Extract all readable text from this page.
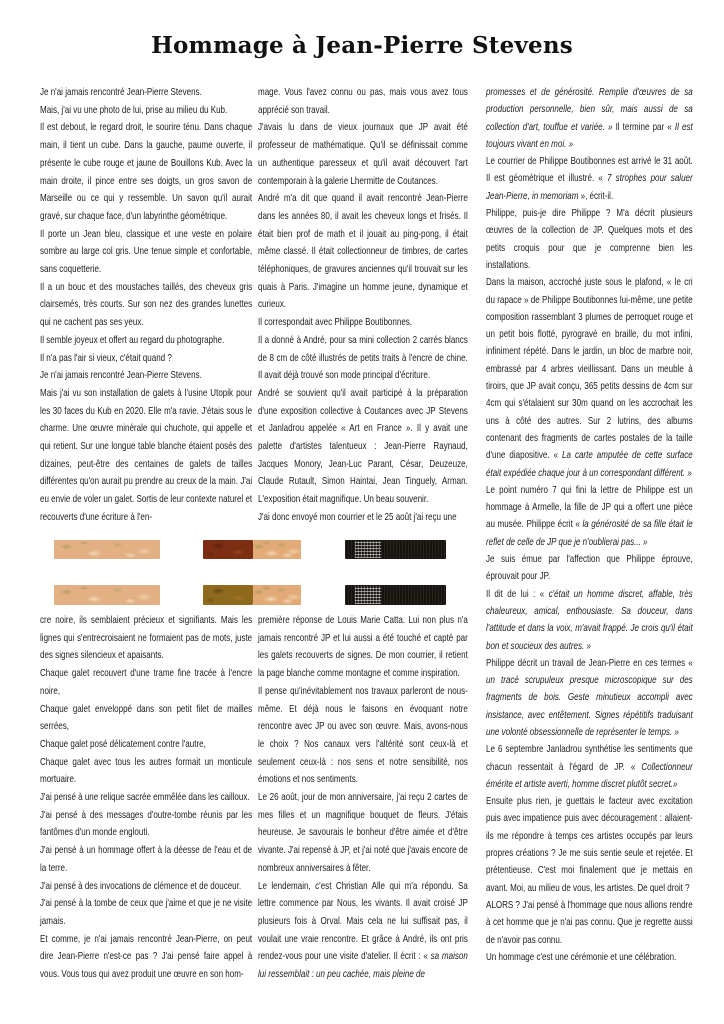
Hommage à Jean-Pierre Stevens

Je n'ai jamais rencontré Jean-Pierre Stevens.

Mais, j'ai vu une photo de lui, prise au milieu du Kub.

Il est debout, le regard droit, le sourire ténu. Dans chaque main, il tient un cube. Dans la gauche, paume ouverte, il présente le cube rouge et jaune de Bouillons Kub. Avec la main droite, il pince entre ses doigts, un gros savon de Marseille ou ce qui y ressemble. Un savon qu'il aurait gravé, sur chaque face, d'un labyrinthe géométrique.

Il porte un Jean bleu, classique et une veste en polaire sombre au large col gris. Une tenue simple et confortable, sans coquetterie.

Il a un bouc et des moustaches taillés, des cheveux gris clairsemés, très courts. Sur son nez des grandes lunettes qui ne cachent pas ses yeux.

Il semble joyeux et offert au regard du photographe.

Il n'a pas l'air si vieux, c'était quand ?

Je n'ai jamais rencontré Jean-Pierre Stevens.

Mais j'ai vu son installation de galets à l'usine Utopik pour les 30 faces du Kub en 2020. Elle m'a ravie. J'étais sous le charme. Une œuvre minérale qui chuchote, qui appelle et qui retient. Sur une longue table blanche étaient posés des dizaines, peut-être des centaines de galets de tailles différentes qu'on aurait pu prendre au creux de la main. J'ai eu envie de voler un galet. Sortis de leur contexte naturel et recouverts d'une écriture à l'en-

mage. Vous l'avez connu ou pas, mais vous avez tous apprécié son travail.

J'avais lu dans de vieux journaux que JP avait été professeur de mathématique. Qu'il se définissait comme un authentique paresseux et qu'il avait découvert l'art contemporain à la galerie Lhermitte de Coutances.

André m'a dit que quand il avait rencontré Jean-Pierre dans les années 80, il avait les cheveux longs et frisés. Il était bien prof de math et il jouait au ping-pong, il était même classé. Il était collectionneur de timbres, de cartes téléphoniques, de gravures anciennes qu'il trouvait sur les quais à Paris. J'imagine un homme jeune, dynamique et curieux.

Il correspondait avec Philippe Boutibonnes.

Il a donné à André, pour sa mini collection 2 carrés blancs de 8 cm de côté illustrés de petits traits à l'encre de chine. Il avait déjà trouvé son mode principal d'écriture.

André se souvient qu'il avait participé à la préparation d'une exposition collective à Coutances avec JP Stevens et Janladrou appelée « Art en France ». Il y avait une palette d'artistes talentueux : Jean-Pierre Raynaud, Jacques Monory, Jean-Luc Parant, César, Deuzeuze, Claude Rutault, Simon Haintai, Jean Tinguely, Arman. L'exposition était magnifique. Un beau souvenir.

J'ai donc envoyé mon courrier et le 25 août j'ai reçu une

promesses et de générosité. Remplie d'œuvres de sa production personnelle, bien sûr, mais aussi de sa collection d'art, touffue et variée. » Il termine par « Il est toujours vivant en moi. »

Le courrier de Philippe Boutibonnes est arrivé le 31 août. Il est géométrique et illustré. « 7 strophes pour saluer Jean-Pierre, in memoriam », écrit-il.

Philippe, puis-je dire Philippe ? M'a décrit plusieurs œuvres de la collection de JP. Quelques mots et des petits croquis pour que je comprenne bien les installations.

Dans la maison, accroché juste sous le plafond, « le cri du rapace » de Philippe Boutibonnes lui-même, une petite composition rassemblant 3 plumes de perroquet rouge et un petit bois flotté, pyrogravé en braille, du mot infini, infiniment répété. Dans le jardin, un bloc de marbre noir, embrassé par 4 arbres vieillissant. Dans un meuble à tiroirs, que JP avait conçu, 365 petits dessins de 4cm sur 4cm qui s'étalaient sur 30m quand on les accrochait les uns à côté des autres. Sur 2 lutrins, des albums contenant des fragments de cartes postales de la taille d'une diapositive. « La carte amputée de cette surface était expédiée chaque jour à un correspondant différent. »

Le point numéro 7 qui fini la lettre de Philippe est un hommage à Armelle, la fille de JP qui a offert une pièce au musée. Philippe écrit « la générosité de sa fille était le reflet de celle de JP que je n'oublierai pas... »

Je suis émue par l'affection que Philippe éprouve, éprouvait pour JP.

Il dit de lui : « c'était un homme discret, affable, très chaleureux, amical, enthousiaste. Sa douceur, dans l'attitude et dans la voix, m'avait frappé. Je crois qu'il était bon et soucieux des autres. »

Philippe décrit un travail de Jean-Pierre en ces termes « un tracé scrupuleux presque microscopique sur des fragments de bois. Geste minutieux accompli avec insistance, avec entêtement. Signes répétitifs traduisant une volonté obsessionnelle de représenter le temps. »

Le 6 septembre Janladrou synthétise les sentiments que chacun ressentait à l'égard de JP. « Collectionneur émérite et artiste averti, homme discret plutôt secret.»

Ensuite plus rien, je guettais le facteur avec excitation puis avec impatience puis avec découragement : allaient-ils me répondre à temps ces artistes occupés par leurs propres créations ? Je me suis sentie seule et rejetée. Et prétentieuse. C'est moi finalement que je mettais en avant. Moi, au milieu de vous, les artistes. De quel droit ?

ALORS ? J'ai pensé à l'hommage que nous allions rendre à cet homme que je n'ai pas connu. Que je regrette aussi de n'avoir pas connu.

Un hommage c'est une cérémonie et une célébration.

cre noire, ils semblaient précieux et signifiants. Mais les lignes qui s'entrecroisaient ne formaient pas de mots, juste des signes silencieux et apaisants.

Chaque galet recouvert d'une trame fine tracée à l'encre noire,

Chaque galet enveloppé dans son petit filet de mailles serrées,

Chaque galet posé délicatement contre l'autre,

Chaque galet avec tous les autres formait un monticule mortuaire.

J'ai pensé à une relique sacrée emmêlée dans les cailloux.

J'ai pensé à des messages d'outre-tombe réunis par les fantômes d'un monde englouti.

J'ai pensé à un hommage offert à la déesse de l'eau et de la terre.

J'ai pensé à des invocations de clémence et de douceur.

J'ai pensé à la tombe de ceux que j'aime et que je ne visite jamais.

Et comme, je n'ai jamais rencontré Jean-Pierre, on peut dire Jean-Pierre n'est-ce pas ? J'ai pensé faire appel à vous. Vous tous qui avez produit une œuvre en son hom-

première réponse de Louis Marie Catta. Lui non plus n'a jamais rencontré JP et lui aussi a été touché et capté par les galets recouverts de signes. De mon courrier, il retient la page blanche comme montagne et comme inspiration.

Il pense qu'inévitablement nos travaux parleront de nous-même. Et déjà nous le faisons en évoquant notre rencontre avec JP ou avec son œuvre. Mais, avons-nous le choix ? Nos canaux vers l'altérité sont ceux-là et seulement ceux-là : nos sens et notre sensibilité, nos émotions et nos sentiments.

Le 26 août, jour de mon anniversaire, j'ai reçu 2 cartes de mes filles et un magnifique bouquet de fleurs. J'étais heureuse. Je savourais le bonheur d'être aimée et d'être vivante. J'ai repensé à JP, et j'ai noté que j'avais encore de nombreux anniversaires à fêter.

Le lendemain, c'est Christian Alle qui m'a répondu. Sa lettre commence par Nous, les vivants. Il avait croisé JP plusieurs fois à Orval. Mais cela ne lui suffisait pas, il voulait une vraie rencontre. Et grâce à André, ils ont pris rendez-vous pour une visite d'atelier. Il écrit : « sa maison lui ressemblait : un peu cachée, mais pleine de
